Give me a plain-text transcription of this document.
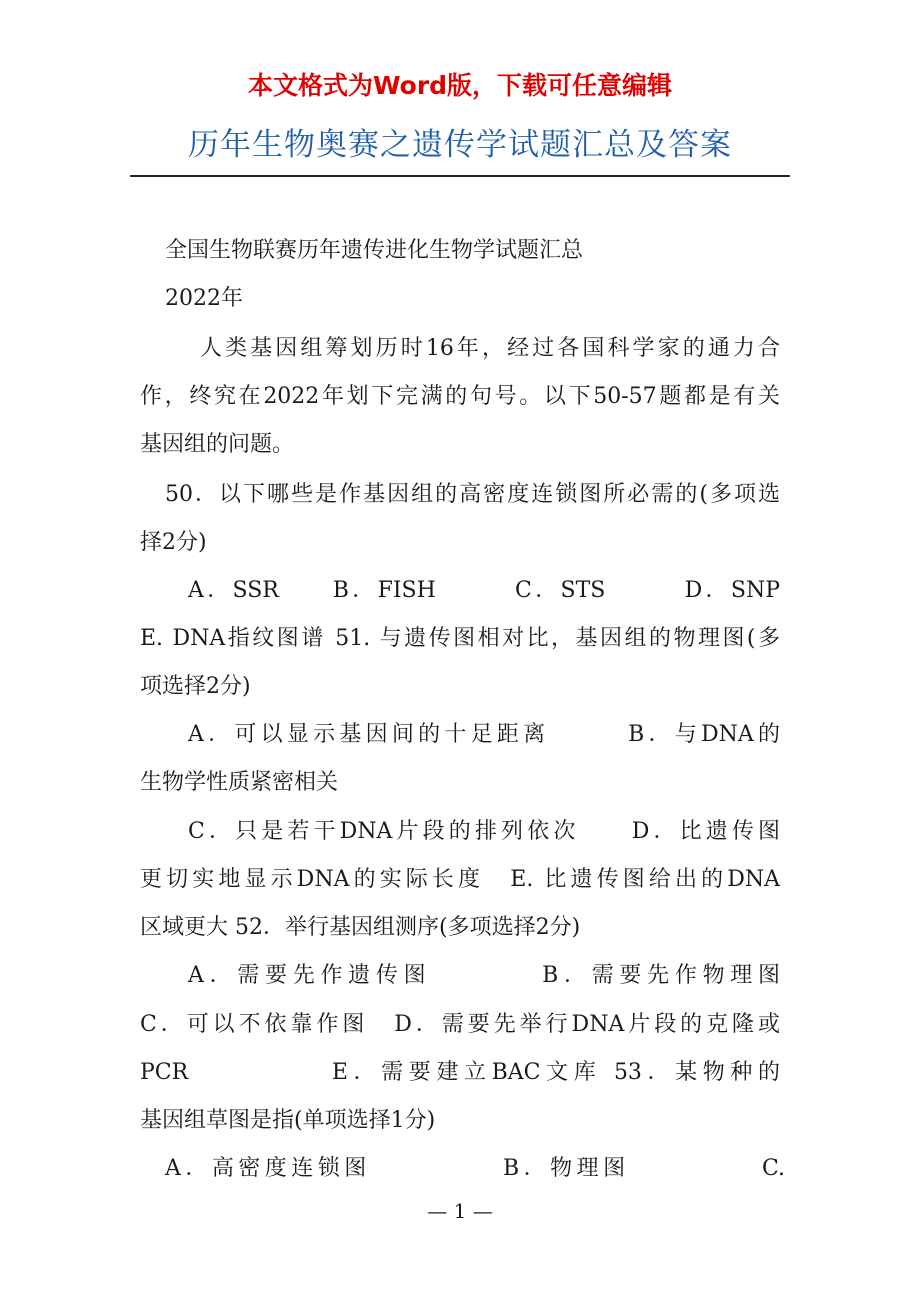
本文格式为Word版，下载可任意编辑
历年生物奥赛之遗传学试题汇总及答案
全国生物联赛历年遗传进化生物学试题汇总
2022年
人类基因组筹划历时16年，经过各国科学家的通力合
作，终究在2022年划下完满的句号。以下50-57题都是有关
基因组的问题。
50．以下哪些是作基因组的高密度连锁图所必需的(多项选
择2分)
A．SSR　　B．FISH　　　C．STS　　　D．SNP
E. DNA指纹图谱 51. 与遗传图相对比，基因组的物理图(多
项选择2分)
A．可以显示基因间的十足距离　　　B．与DNA的
生物学性质紧密相关
C．只是若干DNA片段的排列依次　　D．比遗传图
更切实地显示DNA的实际长度　E. 比遗传图给出的DNA
区域更大 52．举行基因组测序(多项选择2分)
A．需要先作遗传图　　　　B．需要先作物理图
C．可以不依靠作图　D．需要先举行DNA片段的克隆或
PCR　　　　　E．需要建立BAC文库 53．某物种的
基因组草图是指(单项选择1分)
A．高密度连锁图　　　　　B．物理图　　　　　C.
— 1 —
